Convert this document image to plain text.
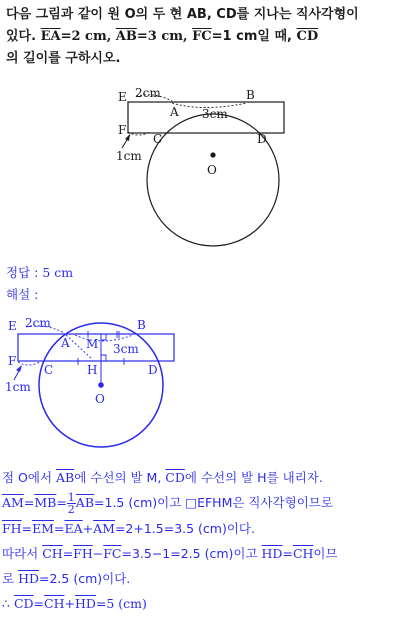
다음 그림과 같이 원 O의 두 현 AB, CD를 지나는 직사각형이

있다. $\overline{EA}=2$ cm, $\overline{AB}=3$ cm, $\overline{FC}=1$ cm일 때, $\overline{CD}$

의 길이를 구하시오.

E 2cm	B
A 3cm
F
C	D
1cm
O

정답 : 5 cm

해설 :

E 2cm	B
A M 3cm
F
C	H	D
1cm
O

점 O에서 $\overline{AB}$에 수선의 발 M, $\overline{CD}$에 수선의 발 H를 내리자.

$\overline{AM}=\overline{MB}= \frac{1}{2} \overline{AB}=1.5$ (cm)이고 □EFHM은 직사각형이므로

$\overline{FH}=\overline{EM}=\overline{EA}+\overline{AM}=2+1.5=3.5$ (cm)이다.

따라서 $\overline{CH}=\overline{FH}-\overline{FC}=3.5-1=2.5$ (cm)이고 $\overline{HD}=\overline{CH}$이므

로 $\overline{HD}=2.5$ (cm)이다.

∴ $\overline{CD}=\overline{CH}+\overline{HD}=5$ (cm)
